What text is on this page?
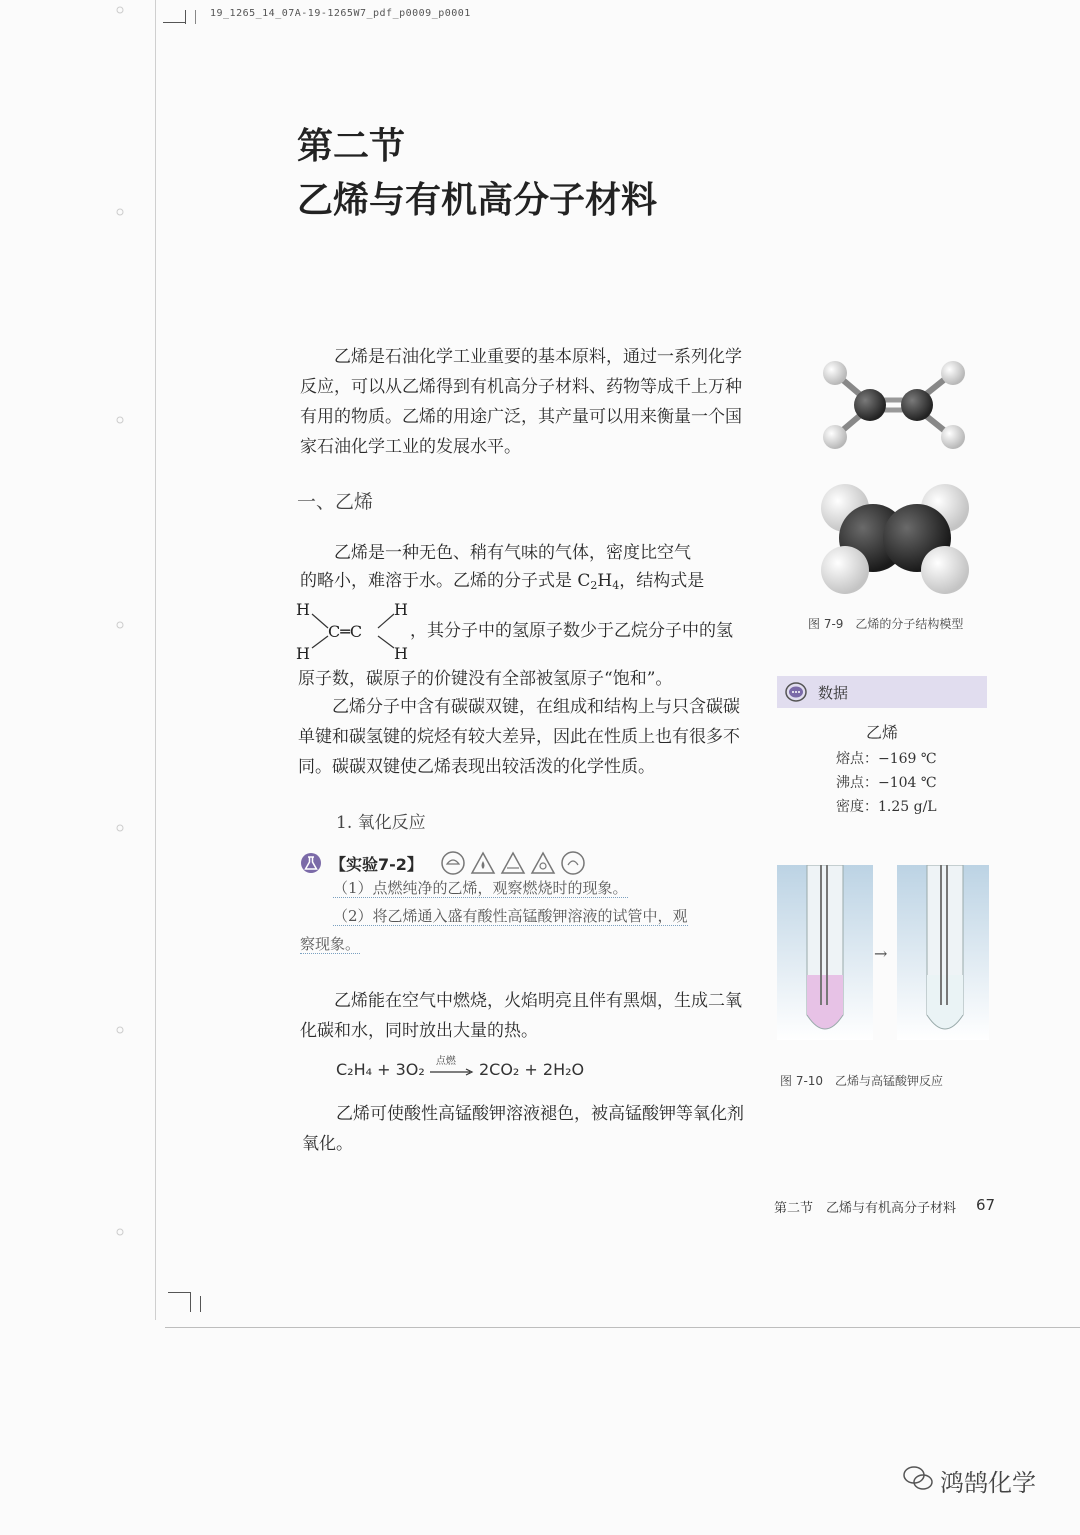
19_1265_14_07A-19-1265W7_pdf_p0009_p0001
第二节
乙烯与有机高分子材料
乙烯是石油化学工业重要的基本原料，通过一系列化学反应，可以从乙烯得到有机高分子材料、药物等成千上万种有用的物质。乙烯的用途广泛，其产量可以用来衡量一个国家石油化学工业的发展水平。
图 7-9　乙烯的分子结构模型
一、乙烯
乙烯是一种无色、稍有气味的气体，密度比空气
的略小，难溶于水。乙烯的分子式是 C2H4，结构式是
H	H
C═C
H	H
，其分子中的氢原子数少于乙烷分子中的氢
原子数，碳原子的价键没有全部被氢原子“饱和”。
乙烯分子中含有碳碳双键，在组成和结构上与只含碳碳单键和碳氢键的烷烃有较大差异，因此在性质上也有很多不同。碳碳双键使乙烯表现出较活泼的化学性质。
数据
乙烯
熔点：−169 ℃
沸点：−104 ℃
密度：1.25 g/L
1. 氧化反应
【实验7-2】
（1）点燃纯净的乙烯，观察燃烧时的现象。
（2）将乙烯通入盛有酸性高锰酸钾溶液的试管中，观
察现象。	→
图 7-10　乙烯与高锰酸钾反应
乙烯能在空气中燃烧，火焰明亮且伴有黑烟，生成二氧化碳和水，同时放出大量的热。
C₂H₄ + 3O₂ 点燃 2CO₂ + 2H₂O
乙烯可使酸性高锰酸钾溶液褪色，被高锰酸钾等氧化剂氧化。
第二节　乙烯与有机高分子材料 67
鸿鹄化学
